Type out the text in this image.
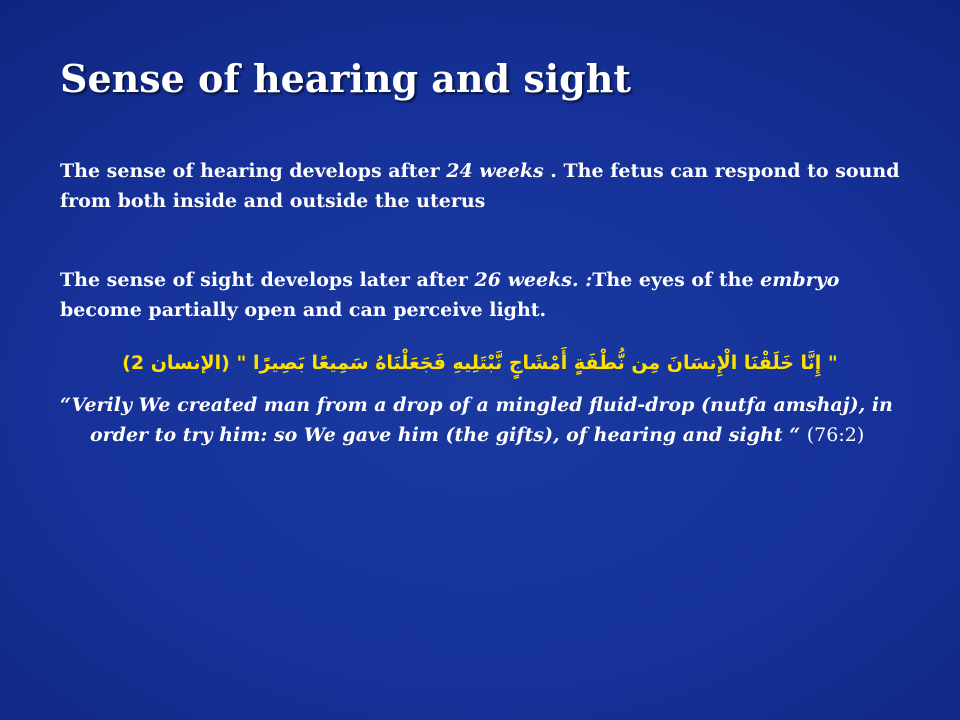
Sense of hearing and sight

The sense of hearing develops after 24 weeks . The fetus can respond to sound from both inside and outside the uterus

The sense of sight develops later after 26 weeks. :The eyes of the embryo become partially open and can perceive light.

" إِنَّا خَلَقْنَا الْإِنسَانَ مِن نُّطْفَةٍ أَمْشَاجٍ نَّبْتَلِيهِ فَجَعَلْنَاهُ سَمِيعًا بَصِيرًا " (الإنسان 2)

“Verily We created man from a drop of a mingled fluid-drop (nutfa amshaj), in order to try him: so We gave him (the gifts), of hearing and sight “ (76:2)
